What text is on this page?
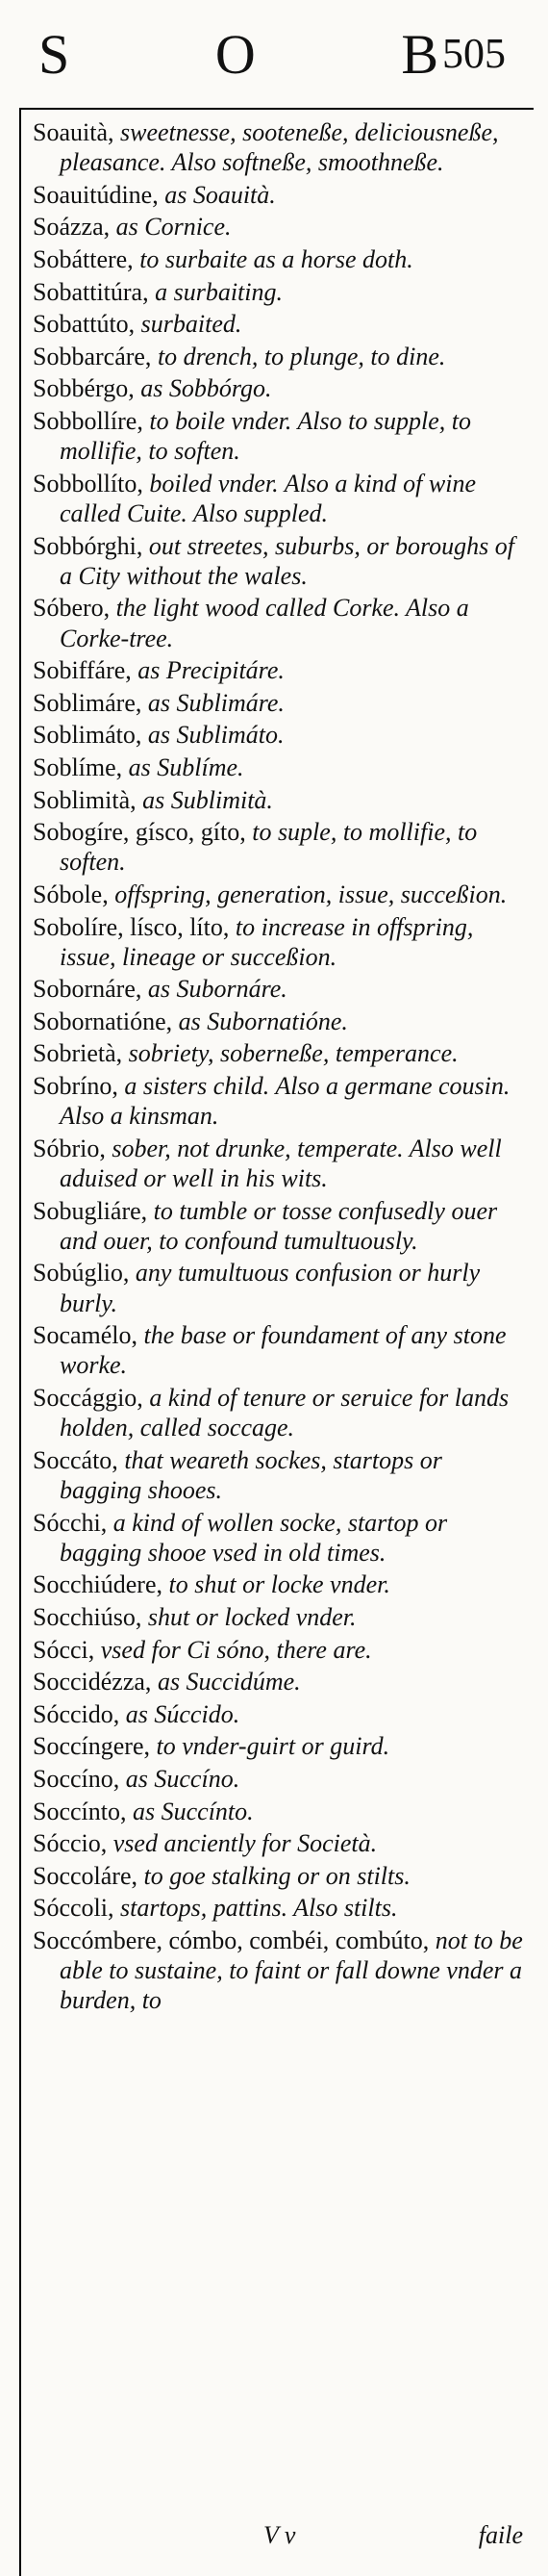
S	O	B 505
Soauità, sweetnesse, sooteneße, deliciousneße, pleasance. Also softneße, smoothneße.
Soauitúdine, as Soauità.
Soázza, as Cornice.
Sobáttere, to surbaite as a horse doth.
Sobattitúra, a surbaiting.
Sobattúto, surbaited.
Sobbarcáre, to drench, to plunge, to dine.
Sobbérgo, as Sobbórgo.
Sobbollíre, to boile vnder. Also to supple, to mollifie, to soften.
Sobbollíto, boiled vnder. Also a kind of wine called Cuite. Also suppled.
Sobbórghi, out streetes, suburbs, or boroughs of a City without the wales.
Sóbero, the light wood called Corke. Also a Corke-tree.
Sobiffáre, as Precipitáre.
Soblimáre, as Sublimáre.
Soblimáto, as Sublimáto.
Soblíme, as Sublíme.
Soblimità, as Sublimità.
Sobogíre, gísco, gíto, to suple, to mollifie, to soften.
Sóbole, offspring, generation, issue, succeßion.
Sobolíre, lísco, líto, to increase in offspring, issue, lineage or succeßion.
Sobornáre, as Subornáre.
Sobornatióne, as Subornatióne.
Sobrietà, sobriety, soberneße, temperance.
Sobríno, a sisters child. Also a germane cousin. Also a kinsman.
Sóbrio, sober, not drunke, temperate. Also well aduised or well in his wits.
Sobugliáre, to tumble or tosse confusedly ouer and ouer, to confound tumultuously.
Sobúglio, any tumultuous confusion or hurly burly.
Socamélo, the base or foundament of any stone worke.
Soccággio, a kind of tenure or seruice for lands holden, called soccage.
Soccáto, that weareth sockes, startops or bagging shooes.
Sócchi, a kind of wollen socke, startop or bagging shooe vsed in old times.
Socchiúdere, to shut or locke vnder.
Socchiúso, shut or locked vnder.
Sócci, vsed for Ci sóno, there are.
Soccidézza, as Succidúme.
Sóccido, as Súccido.
Soccíngere, to vnder-guirt or guird.
Soccíno, as Succíno.
Soccínto, as Succínto.
Sóccio, vsed anciently for Società.
Soccoláre, to goe stalking or on stilts.
Sóccoli, startops, pattins. Also stilts.
Soccómbere, cómbo, combéi, combúto, not to be able to sustaine, to faint or fall downe vnder a burden, to
V v	faile
